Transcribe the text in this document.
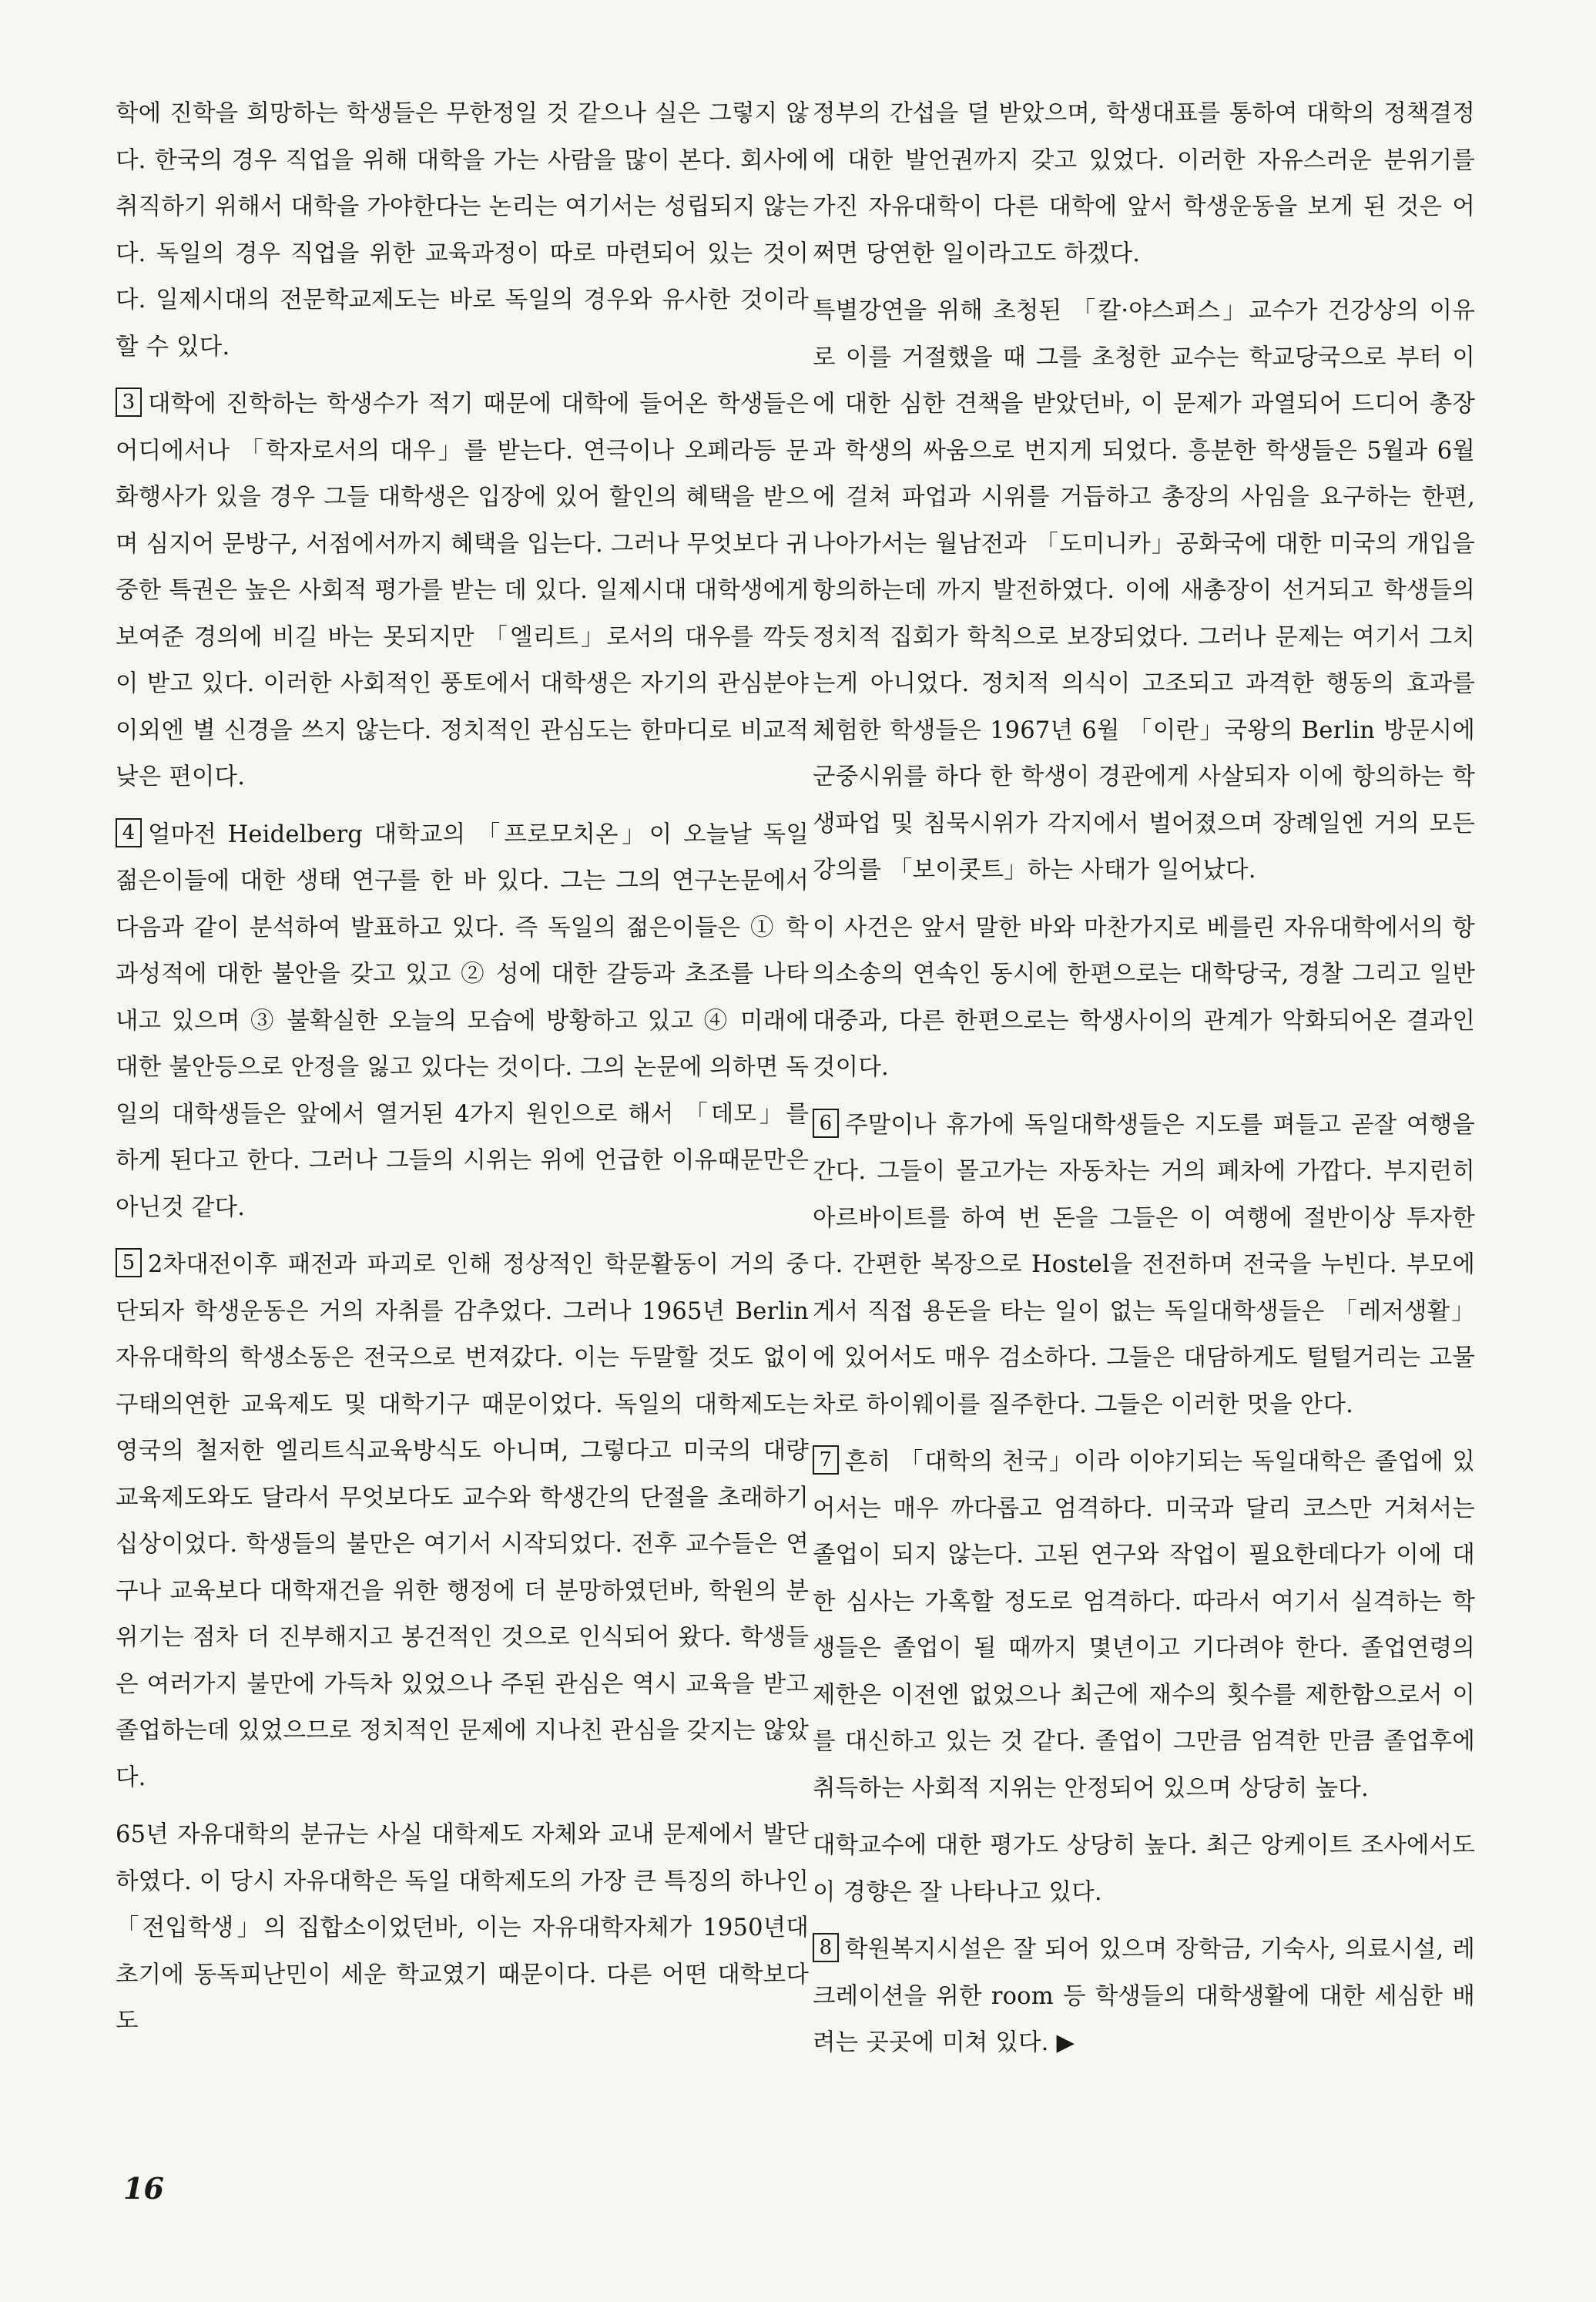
학에 진학을 희망하는 학생들은 무한정일 것 같으나 실은 그렇지 않다. 한국의 경우 직업을 위해 대학을 가는 사람을 많이 본다. 회사에 취직하기 위해서 대학을 가야한다는 논리는 여기서는 성립되지 않는다. 독일의 경우 직업을 위한 교육과정이 따로 마련되어 있는 것이다. 일제시대의 전문학교제도는 바로 독일의 경우와 유사한 것이라 할 수 있다.

3 대학에 진학하는 학생수가 적기 때문에 대학에 들어온 학생들은 어디에서나 「학자로서의 대우」를 받는다. 연극이나 오페라등 문화행사가 있을 경우 그들 대학생은 입장에 있어 할인의 혜택을 받으며 심지어 문방구, 서점에서까지 혜택을 입는다. 그러나 무엇보다 귀중한 특권은 높은 사회적 평가를 받는 데 있다. 일제시대 대학생에게 보여준 경의에 비길 바는 못되지만 「엘리트」로서의 대우를 깍듯이 받고 있다. 이러한 사회적인 풍토에서 대학생은 자기의 관심분야이외엔 별 신경을 쓰지 않는다. 정치적인 관심도는 한마디로 비교적 낮은 편이다.

4 얼마전 Heidelberg 대학교의 「프로모치온」이 오늘날 독일 젊은이들에 대한 생태 연구를 한 바 있다. 그는 그의 연구논문에서 다음과 같이 분석하여 발표하고 있다. 즉 독일의 젊은이들은 ① 학과성적에 대한 불안을 갖고 있고 ② 성에 대한 갈등과 초조를 나타내고 있으며 ③ 불확실한 오늘의 모습에 방황하고 있고 ④ 미래에 대한 불안등으로 안정을 잃고 있다는 것이다. 그의 논문에 의하면 독일의 대학생들은 앞에서 열거된 4가지 원인으로 해서 「데모」를 하게 된다고 한다. 그러나 그들의 시위는 위에 언급한 이유때문만은 아닌것 같다.

5 2차대전이후 패전과 파괴로 인해 정상적인 학문활동이 거의 중단되자 학생운동은 거의 자취를 감추었다. 그러나 1965년 Berlin 자유대학의 학생소동은 전국으로 번져갔다. 이는 두말할 것도 없이 구태의연한 교육제도 및 대학기구 때문이었다. 독일의 대학제도는 영국의 철저한 엘리트식교육방식도 아니며, 그렇다고 미국의 대량 교육제도와도 달라서 무엇보다도 교수와 학생간의 단절을 초래하기 십상이었다. 학생들의 불만은 여기서 시작되었다. 전후 교수들은 연구나 교육보다 대학재건을 위한 행정에 더 분망하였던바, 학원의 분위기는 점차 더 진부해지고 봉건적인 것으로 인식되어 왔다. 학생들은 여러가지 불만에 가득차 있었으나 주된 관심은 역시 교육을 받고 졸업하는데 있었으므로 정치적인 문제에 지나친 관심을 갖지는 않았다.

65년 자유대학의 분규는 사실 대학제도 자체와 교내 문제에서 발단하였다. 이 당시 자유대학은 독일 대학제도의 가장 큰 특징의 하나인 「전입학생」의 집합소이었던바, 이는 자유대학자체가 1950년대 초기에 동독피난민이 세운 학교였기 때문이다. 다른 어떤 대학보다도

정부의 간섭을 덜 받았으며, 학생대표를 통하여 대학의 정책결정에 대한 발언권까지 갖고 있었다. 이러한 자유스러운 분위기를 가진 자유대학이 다른 대학에 앞서 학생운동을 보게 된 것은 어쩌면 당연한 일이라고도 하겠다.

특별강연을 위해 초청된 「칼·야스퍼스」교수가 건강상의 이유로 이를 거절했을 때 그를 초청한 교수는 학교당국으로 부터 이에 대한 심한 견책을 받았던바, 이 문제가 과열되어 드디어 총장과 학생의 싸움으로 번지게 되었다. 흥분한 학생들은 5월과 6월에 걸쳐 파업과 시위를 거듭하고 총장의 사임을 요구하는 한편, 나아가서는 월남전과 「도미니카」공화국에 대한 미국의 개입을 항의하는데 까지 발전하였다. 이에 새총장이 선거되고 학생들의 정치적 집회가 학칙으로 보장되었다. 그러나 문제는 여기서 그치는게 아니었다. 정치적 의식이 고조되고 과격한 행동의 효과를 체험한 학생들은 1967년 6월 「이란」국왕의 Berlin 방문시에 군중시위를 하다 한 학생이 경관에게 사살되자 이에 항의하는 학생파업 및 침묵시위가 각지에서 벌어졌으며 장례일엔 거의 모든 강의를 「보이콧트」하는 사태가 일어났다.

이 사건은 앞서 말한 바와 마찬가지로 베를린 자유대학에서의 항의소송의 연속인 동시에 한편으로는 대학당국, 경찰 그리고 일반대중과, 다른 한편으로는 학생사이의 관계가 악화되어온 결과인 것이다.

6 주말이나 휴가에 독일대학생들은 지도를 펴들고 곧잘 여행을 간다. 그들이 몰고가는 자동차는 거의 폐차에 가깝다. 부지런히 아르바이트를 하여 번 돈을 그들은 이 여행에 절반이상 투자한다. 간편한 복장으로 Hostel을 전전하며 전국을 누빈다. 부모에게서 직접 용돈을 타는 일이 없는 독일대학생들은 「레저생활」에 있어서도 매우 검소하다. 그들은 대담하게도 털털거리는 고물차로 하이웨이를 질주한다. 그들은 이러한 멋을 안다.

7 흔히 「대학의 천국」이라 이야기되는 독일대학은 졸업에 있어서는 매우 까다롭고 엄격하다. 미국과 달리 코스만 거쳐서는 졸업이 되지 않는다. 고된 연구와 작업이 필요한데다가 이에 대한 심사는 가혹할 정도로 엄격하다. 따라서 여기서 실격하는 학생들은 졸업이 될 때까지 몇년이고 기다려야 한다. 졸업연령의 제한은 이전엔 없었으나 최근에 재수의 횟수를 제한함으로서 이를 대신하고 있는 것 같다. 졸업이 그만큼 엄격한 만큼 졸업후에 취득하는 사회적 지위는 안정되어 있으며 상당히 높다.

대학교수에 대한 평가도 상당히 높다. 최근 앙케이트 조사에서도 이 경향은 잘 나타나고 있다.

8 학원복지시설은 잘 되어 있으며 장학금, 기숙사, 의료시설, 레크레이션을 위한 room 등 학생들의 대학생활에 대한 세심한 배려는 곳곳에 미쳐 있다. ▶

16
